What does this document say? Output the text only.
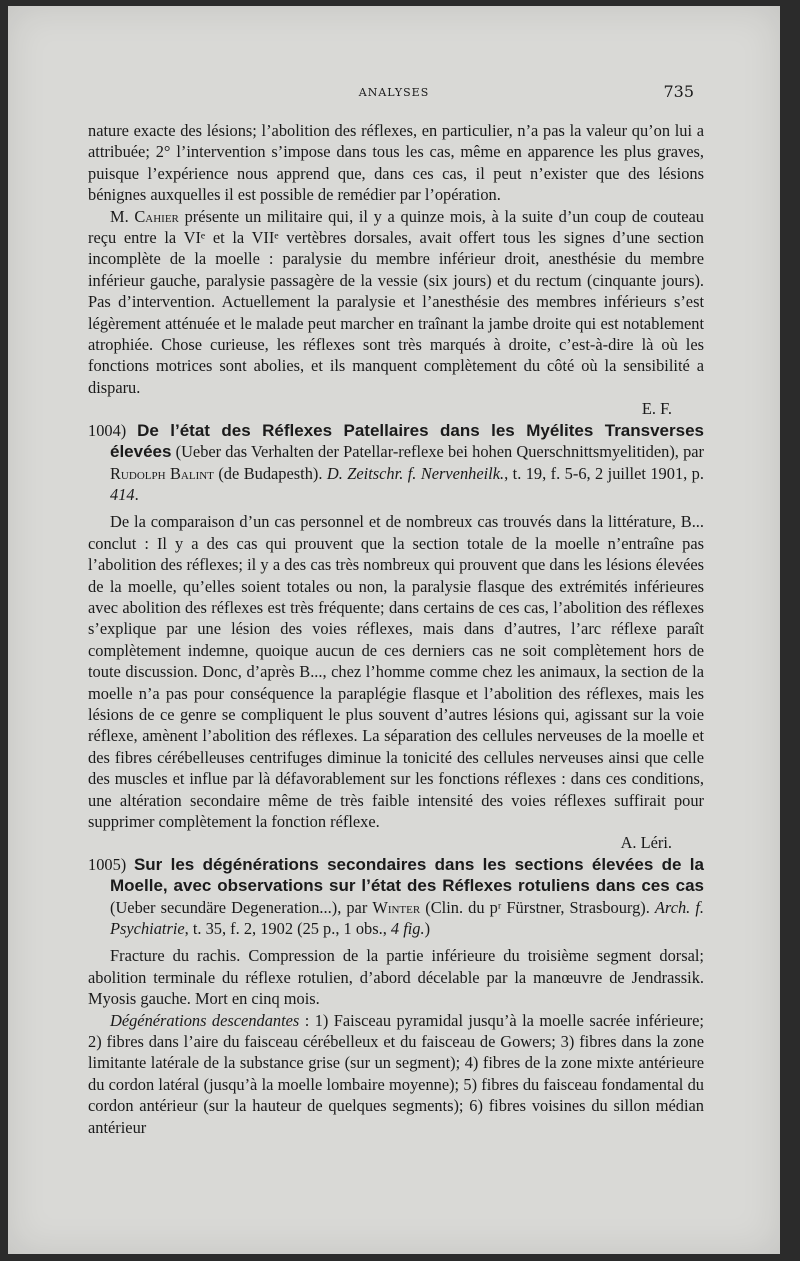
ANALYSES	735

nature exacte des lésions; l’abolition des réflexes, en particulier, n’a pas la valeur qu’on lui a attribuée; 2° l’intervention s’impose dans tous les cas, même en apparence les plus graves, puisque l’expérience nous apprend que, dans ces cas, il peut n’exister que des lésions bénignes auxquelles il est possible de remédier par l’opération.

M. Cahier présente un militaire qui, il y a quinze mois, à la suite d’un coup de couteau reçu entre la VIᵉ et la VIIᵉ vertèbres dorsales, avait offert tous les signes d’une section incomplète de la moelle : paralysie du membre inférieur droit, anesthésie du membre inférieur gauche, paralysie passagère de la vessie (six jours) et du rectum (cinquante jours). Pas d’intervention. Actuellement la paralysie et l’anesthésie des membres inférieurs s’est légèrement atténuée et le malade peut marcher en traînant la jambe droite qui est notablement atrophiée. Chose curieuse, les réflexes sont très marqués à droite, c’est-à-dire là où les fonctions motrices sont abolies, et ils manquent complètement du côté où la sensibilité a disparu.

E. F.

1004) De l’état des Réflexes Patellaires dans les Myélites Transverses élevées (Ueber das Verhalten der Patellar-reflexe bei hohen Querschnittsmyelitiden), par Rudolph Balint (de Budapesth). D. Zeitschr. f. Nervenheilk., t. 19, f. 5-6, 2 juillet 1901, p. 414.

De la comparaison d’un cas personnel et de nombreux cas trouvés dans la littérature, B... conclut : Il y a des cas qui prouvent que la section totale de la moelle n’entraîne pas l’abolition des réflexes; il y a des cas très nombreux qui prouvent que dans les lésions élevées de la moelle, qu’elles soient totales ou non, la paralysie flasque des extrémités inférieures avec abolition des réflexes est très fréquente; dans certains de ces cas, l’abolition des réflexes s’explique par une lésion des voies réflexes, mais dans d’autres, l’arc réflexe paraît complètement indemne, quoique aucun de ces derniers cas ne soit complètement hors de toute discussion. Donc, d’après B..., chez l’homme comme chez les animaux, la section de la moelle n’a pas pour conséquence la paraplégie flasque et l’abolition des réflexes, mais les lésions de ce genre se compliquent le plus souvent d’autres lésions qui, agissant sur la voie réflexe, amènent l’abolition des réflexes. La séparation des cellules nerveuses de la moelle et des fibres cérébelleuses centrifuges diminue la tonicité des cellules nerveuses ainsi que celle des muscles et influe par là défavorablement sur les fonctions réflexes : dans ces conditions, une altération secondaire même de très faible intensité des voies réflexes suffirait pour supprimer complètement la fonction réflexe.

A. Léri.

1005) Sur les dégénérations secondaires dans les sections élevées de la Moelle, avec observations sur l’état des Réflexes rotuliens dans ces cas (Ueber secundäre Degeneration...), par Winter (Clin. du pʳ Fürstner, Strasbourg). Arch. f. Psychiatrie, t. 35, f. 2, 1902 (25 p., 1 obs., 4 fig.)

Fracture du rachis. Compression de la partie inférieure du troisième segment dorsal; abolition terminale du réflexe rotulien, d’abord décelable par la manœuvre de Jendrassik. Myosis gauche. Mort en cinq mois.

Dégénérations descendantes : 1) Faisceau pyramidal jusqu’à la moelle sacrée inférieure; 2) fibres dans l’aire du faisceau cérébelleux et du faisceau de Gowers; 3) fibres dans la zone limitante latérale de la substance grise (sur un segment); 4) fibres de la zone mixte antérieure du cordon latéral (jusqu’à la moelle lombaire moyenne); 5) fibres du faisceau fondamental du cordon antérieur (sur la hauteur de quelques segments); 6) fibres voisines du sillon médian antérieur
